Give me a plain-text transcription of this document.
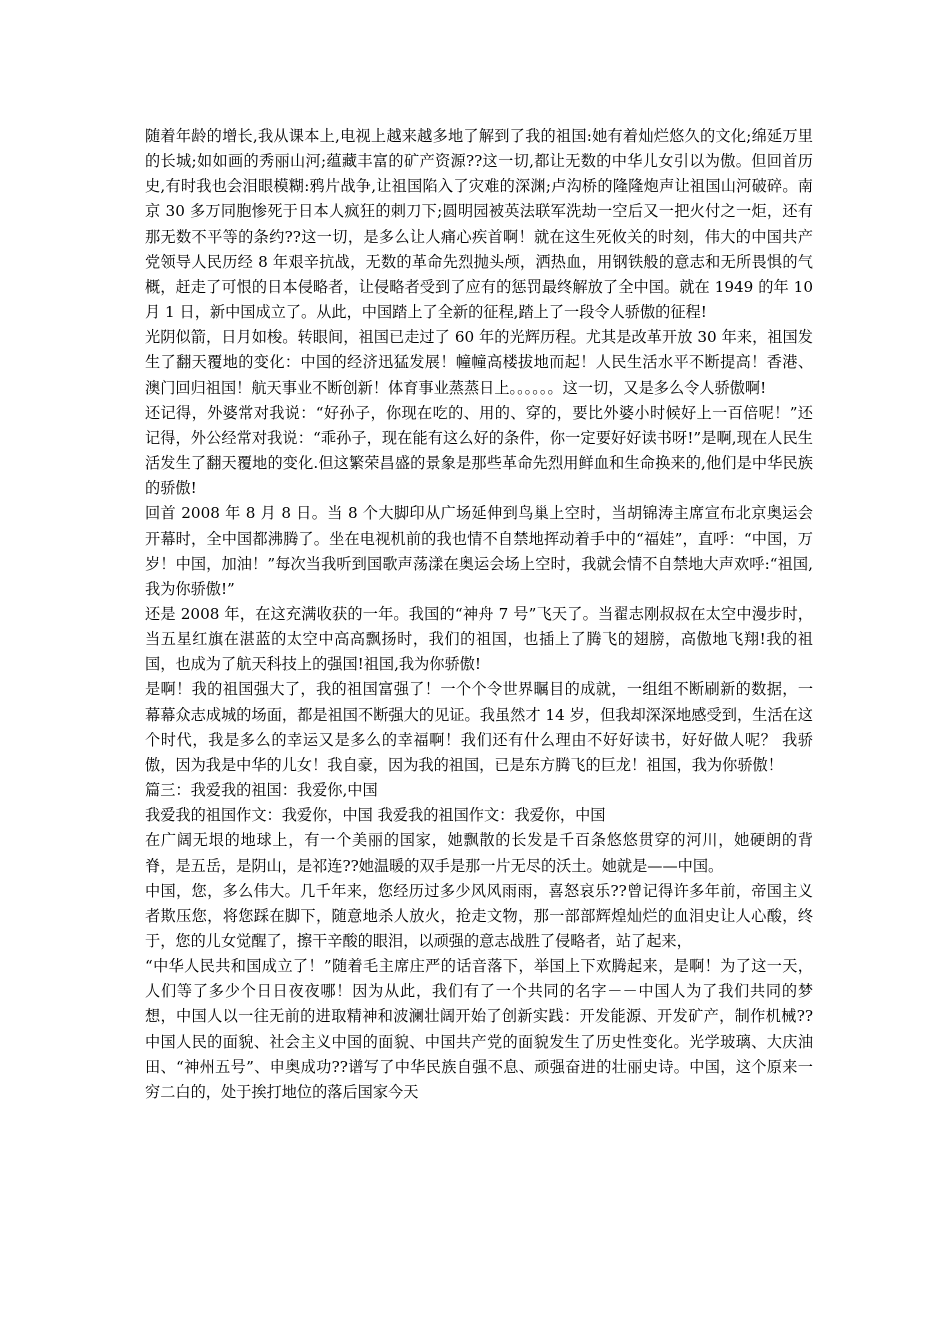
随着年龄的增长,我从课本上,电视上越来越多地了解到了我的祖国:她有着灿烂悠久的文化;绵延万里的长城;如如画的秀丽山河;蕴藏丰富的矿产资源??这一切,都让无数的中华儿女引以为傲。但回首历史,有时我也会泪眼模糊:鸦片战争,让祖国陷入了灾难的深渊;卢沟桥的隆隆炮声让祖国山河破碎。南京 30 多万同胞惨死于日本人疯狂的刺刀下;圆明园被英法联军洗劫一空后又一把火付之一炬，还有那无数不平等的条约??这一切，是多么让人痛心疾首啊！就在这生死攸关的时刻，伟大的中国共产党领导人民历经 8 年艰辛抗战，无数的革命先烈抛头颅，洒热血，用钢铁般的意志和无所畏惧的气概，赶走了可恨的日本侵略者，让侵略者受到了应有的惩罚最终解放了全中国。就在 1949 的年 10 月 1 日，新中国成立了。从此，中国踏上了全新的征程,踏上了一段令人骄傲的征程!

光阴似箭，日月如梭。转眼间，祖国已走过了 60 年的光辉历程。尤其是改革开放 30 年来，祖国发生了翻天覆地的变化：中国的经济迅猛发展！幢幢高楼拔地而起！人民生活水平不断提高！香港、澳门回归祖国！航天事业不断创新！体育事业蒸蒸日上。。。。。。这一切，又是多么令人骄傲啊!

还记得，外婆常对我说：“好孙子，你现在吃的、用的、穿的，要比外婆小时候好上一百倍呢！”还记得，外公经常对我说：“乖孙子，现在能有这么好的条件，你一定要好好读书呀!”是啊,现在人民生活发生了翻天覆地的变化.但这繁荣昌盛的景象是那些革命先烈用鲜血和生命换来的,他们是中华民族的骄傲!

回首 2008 年 8 月 8 日。当 8 个大脚印从广场延伸到鸟巢上空时，当胡锦涛主席宣布北京奥运会开幕时，全中国都沸腾了。坐在电视机前的我也情不自禁地挥动着手中的“福娃”，直呼：“中国，万岁！中国，加油！”每次当我听到国歌声荡漾在奥运会场上空时，我就会情不自禁地大声欢呼:“祖国,我为你骄傲!”

还是 2008 年，在这充满收获的一年。我国的“神舟 7 号”飞天了。当翟志刚叔叔在太空中漫步时，当五星红旗在湛蓝的太空中高高飘扬时，我们的祖国，也插上了腾飞的翅膀，高傲地飞翔!我的祖国，也成为了航天科技上的强国!祖国,我为你骄傲!

是啊！我的祖国强大了，我的祖国富强了！一个个令世界瞩目的成就，一组组不断刷新的数据，一幕幕众志成城的场面，都是祖国不断强大的见证。我虽然才 14 岁，但我却深深地感受到，生活在这个时代，我是多么的幸运又是多么的幸福啊！我们还有什么理由不好好读书，好好做人呢？ 我骄傲，因为我是中华的儿女！我自豪，因为我的祖国，已是东方腾飞的巨龙！祖国，我为你骄傲！

篇三：我爱我的祖国：我爱你,中国

我爱我的祖国作文：我爱你，中国 我爱我的祖国作文：我爱你，中国

在广阔无垠的地球上，有一个美丽的国家，她飘散的长发是千百条悠悠贯穿的河川，她硬朗的背脊，是五岳，是阴山，是祁连??她温暖的双手是那一片无尽的沃土。她就是——中国。

中国，您，多么伟大。几千年来，您经历过多少风风雨雨，喜怒哀乐??曾记得许多年前，帝国主义者欺压您，将您踩在脚下，随意地杀人放火，抢走文物，那一部部辉煌灿烂的血泪史让人心酸，终于，您的儿女觉醒了，擦干辛酸的眼泪，以顽强的意志战胜了侵略者，站了起来，

“中华人民共和国成立了！”随着毛主席庄严的话音落下，举国上下欢腾起来，是啊！为了这一天，人们等了多少个日日夜夜哪！因为从此，我们有了一个共同的名字－－中国人为了我们共同的梦想，中国人以一往无前的进取精神和波澜壮阔开始了创新实践：开发能源、开发矿产，制作机械??中国人民的面貌、社会主义中国的面貌、中国共产党的面貌发生了历史性变化。光学玻璃、大庆油田、“神州五号”、申奥成功??谱写了中华民族自强不息、顽强奋进的壮丽史诗。中国，这个原来一穷二白的，处于挨打地位的落后国家今天
